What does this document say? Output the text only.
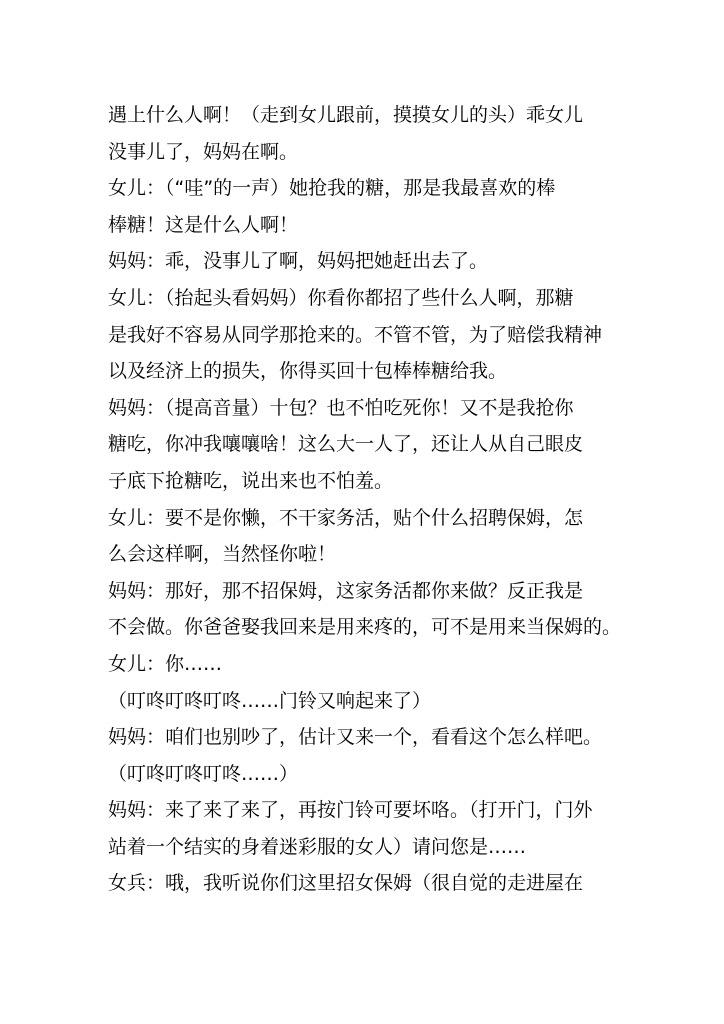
遇上什么人啊！（走到女儿跟前，摸摸女儿的头）乖女儿
没事儿了，妈妈在啊。
女儿：（“哇”的一声）她抢我的糖，那是我最喜欢的棒
棒糖！这是什么人啊！
妈妈：乖，没事儿了啊，妈妈把她赶出去了。
女儿：（抬起头看妈妈）你看你都招了些什么人啊，那糖
是我好不容易从同学那抢来的。不管不管，为了赔偿我精神
以及经济上的损失，你得买回十包棒棒糖给我。
妈妈：（提高音量）十包？也不怕吃死你！又不是我抢你
糖吃，你冲我嚷嚷啥！这么大一人了，还让人从自己眼皮
子底下抢糖吃，说出来也不怕羞。
女儿：要不是你懒，不干家务活，贴个什么招聘保姆，怎
么会这样啊，当然怪你啦！
妈妈：那好，那不招保姆，这家务活都你来做？反正我是
不会做。你爸爸娶我回来是用来疼的，可不是用来当保姆的。
女儿：你……
（叮咚叮咚叮咚……门铃又响起来了）
妈妈：咱们也别吵了，估计又来一个，看看这个怎么样吧。
（叮咚叮咚叮咚……）
妈妈：来了来了来了，再按门铃可要坏咯。（打开门，门外
站着一个结实的身着迷彩服的女人）请问您是……
女兵：哦，我听说你们这里招女保姆（很自觉的走进屋在
